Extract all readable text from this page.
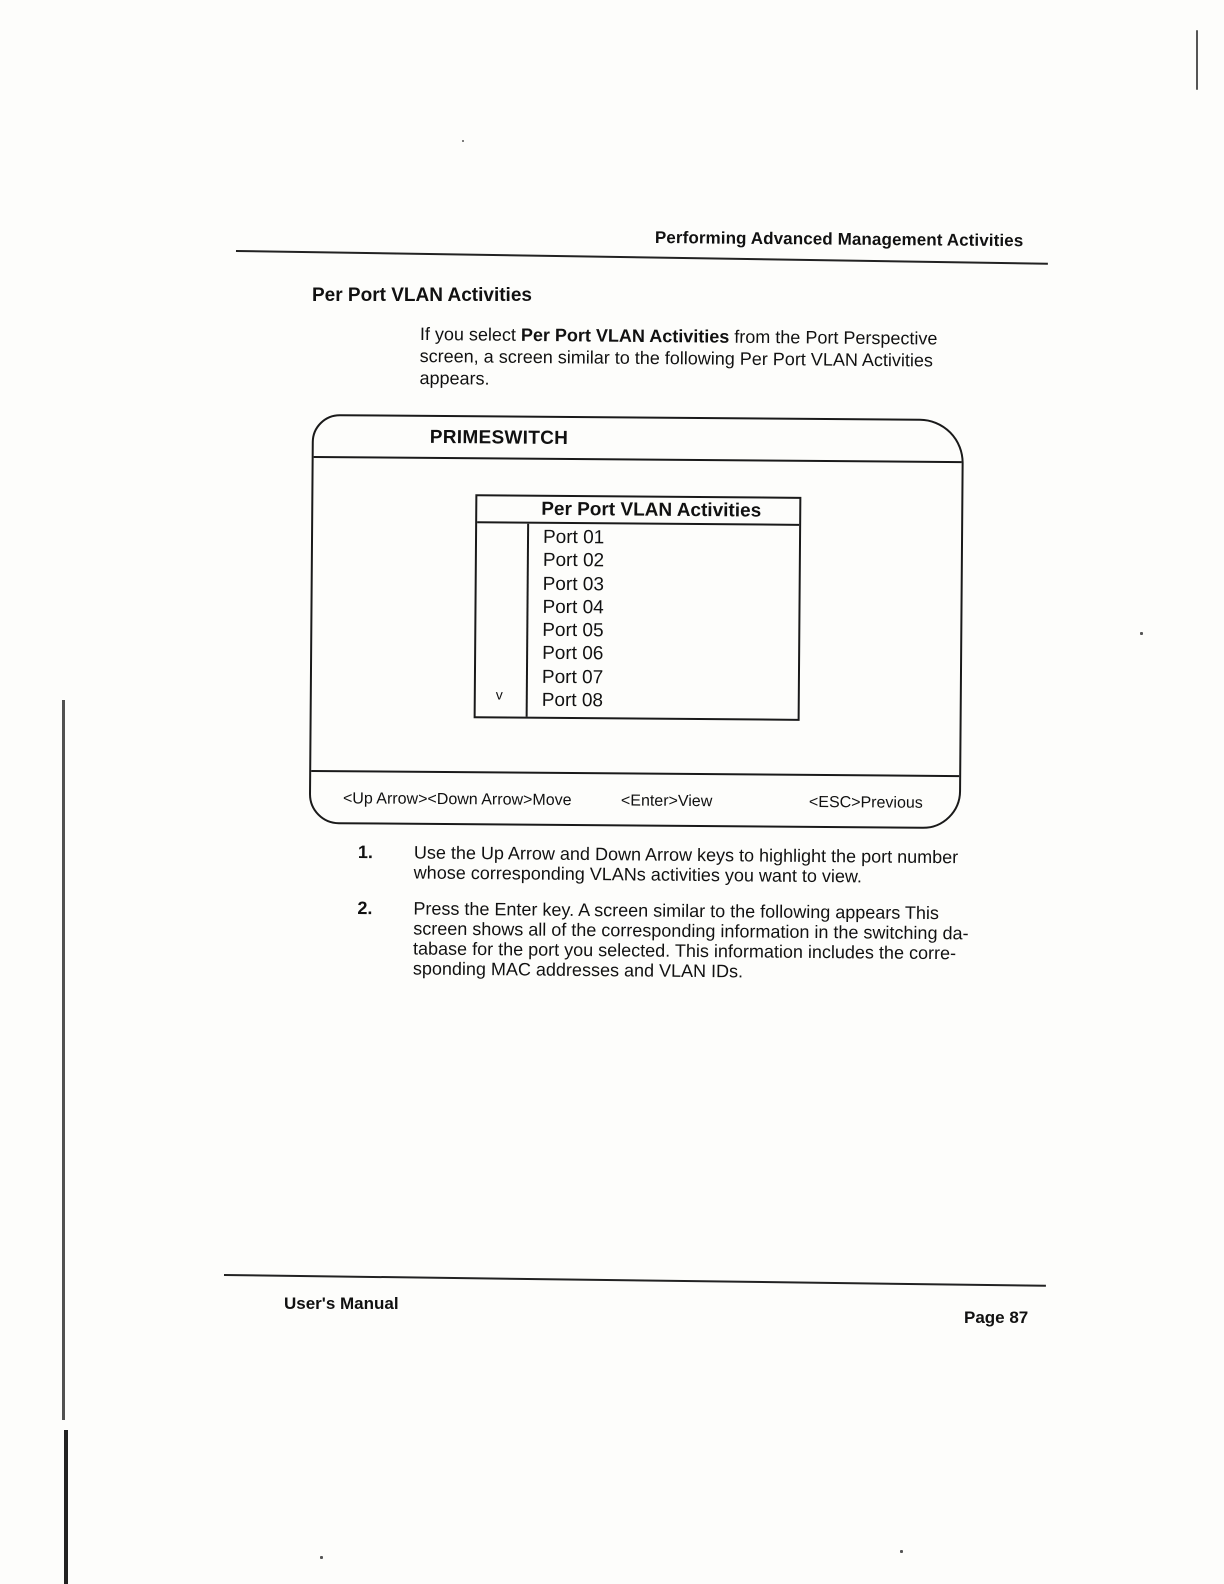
Performing Advanced Management Activities
Per Port VLAN Activities
If you select Per Port VLAN Activities from the Port Perspective
screen, a screen similar to the following Per Port VLAN Activities
appears.
PRIMESWITCH
Per Port VLAN Activities
v
Port 01
Port 02
Port 03
Port 04
Port 05
Port 06
Port 07
Port 08
<Up Arrow><Down Arrow>Move	<Enter>View	<ESC>Previous
1. Use the Up Arrow and Down Arrow keys to highlight the port number
whose corresponding VLANs activities you want to view.
2. Press the Enter key. A screen similar to the following appears This
screen shows all of the corresponding information in the switching da-
tabase for the port you selected. This information includes the corre-
sponding MAC addresses and VLAN IDs.
User's Manual
Page 87
